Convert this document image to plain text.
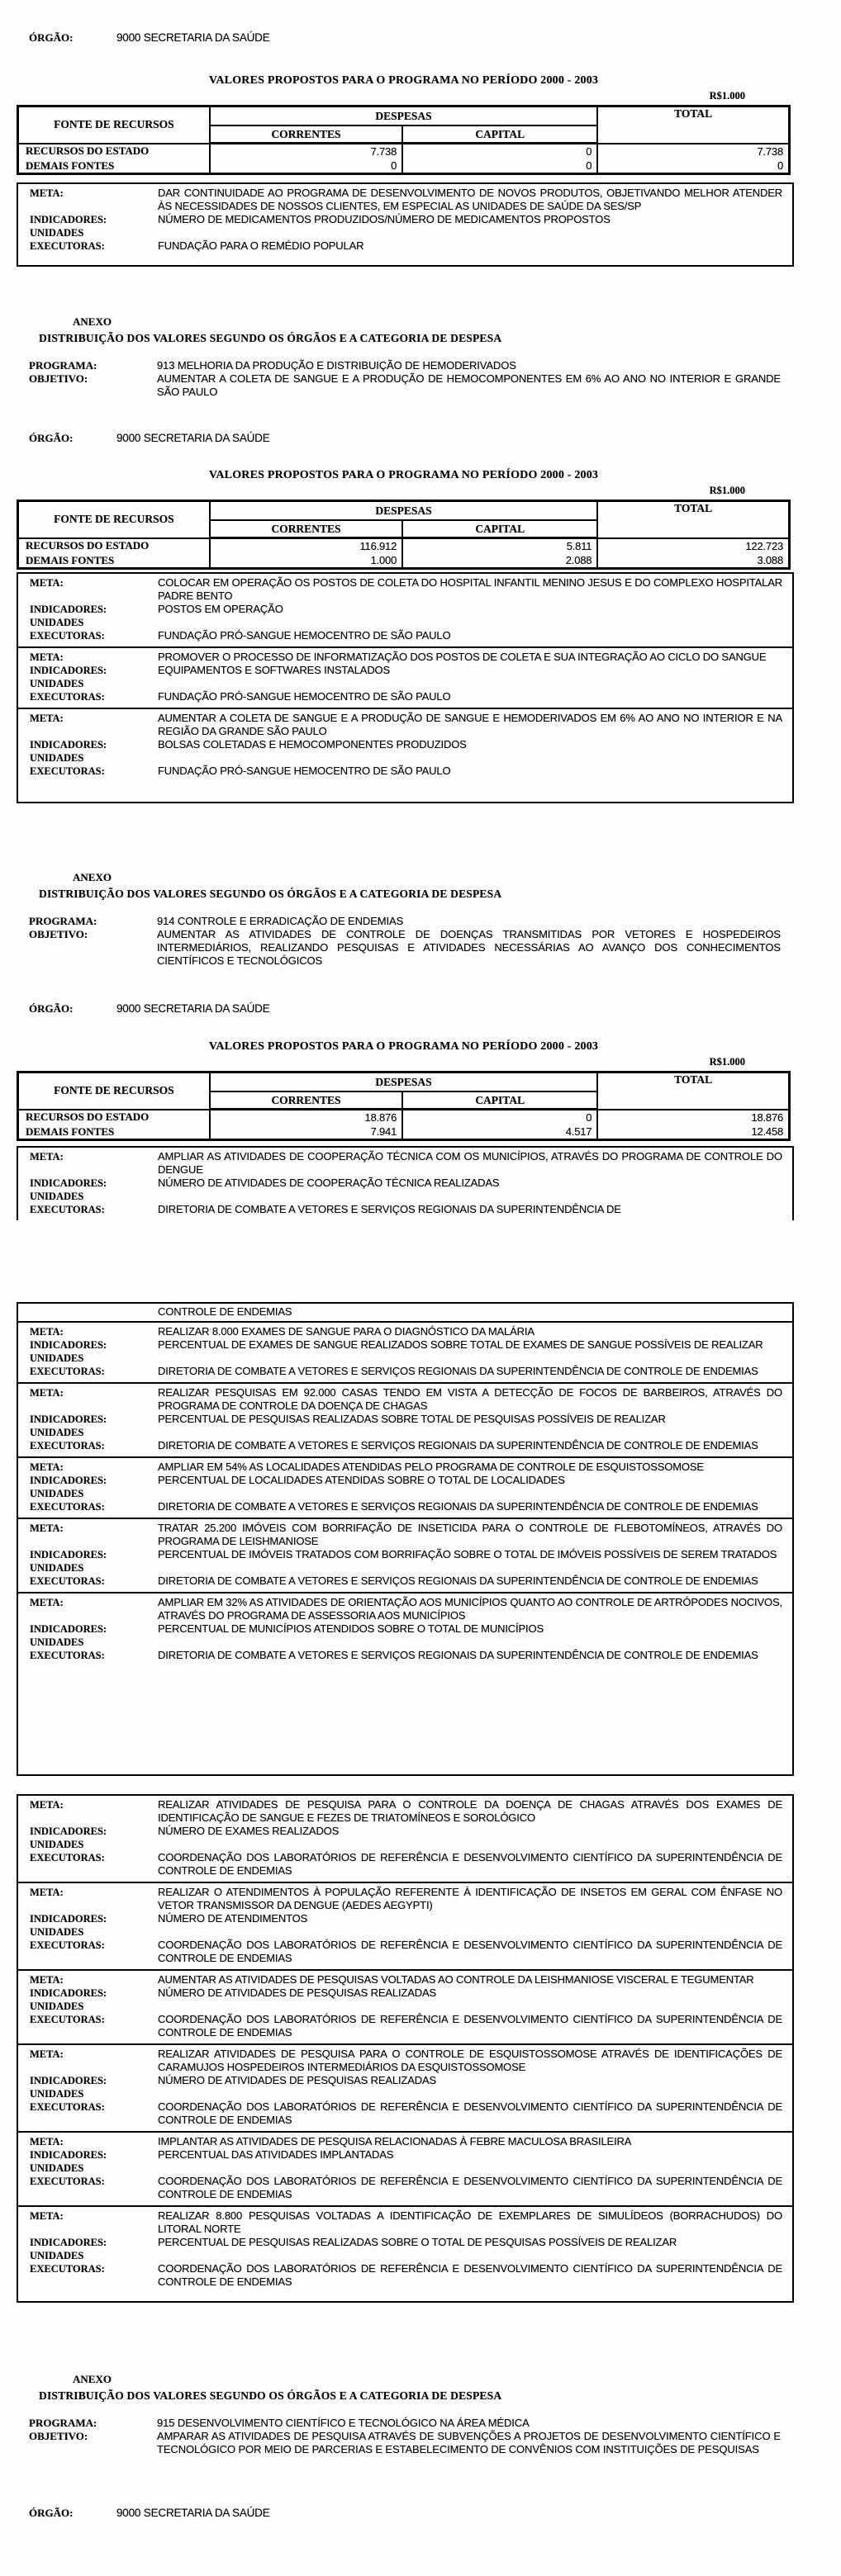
ÓRGÃO:	9000 SECRETARIA DA SAÚDE
VALORES PROPOSTOS PARA O PROGRAMA NO PERÍODO 2000 - 2003
R$1.000
FONTE DE RECURSOS	DESPESAS		TOTAL
	CORRENTES	CAPITAL	
RECURSOS DO ESTADO	7.738	0	7.738
DEMAIS FONTES	0	0	0
META:	DAR CONTINUIDADE AO PROGRAMA DE DESENVOLVIMENTO DE NOVOS PRODUTOS, OBJETIVANDO MELHOR ATENDER ÀS NECESSIDADES DE NOSSOS CLIENTES, EM ESPECIAL AS UNIDADES DE SAÚDE DA SES/SP
INDICADORES:	NÚMERO DE MEDICAMENTOS PRODUZIDOS/NÚMERO DE MEDICAMENTOS PROPOSTOS
UNIDADES
EXECUTORAS:	FUNDAÇÃO PARA O REMÉDIO POPULAR
ANEXO
DISTRIBUIÇÃO DOS VALORES SEGUNDO OS ÓRGÃOS E A CATEGORIA DE DESPESA
PROGRAMA:	913 MELHORIA DA PRODUÇÃO E DISTRIBUIÇÃO DE HEMODERIVADOS
OBJETIVO:	AUMENTAR A COLETA DE SANGUE E A PRODUÇÃO DE HEMOCOMPONENTES EM 6% AO ANO NO INTERIOR E GRANDE SÃO PAULO
ÓRGÃO:	9000 SECRETARIA DA SAÚDE
VALORES PROPOSTOS PARA O PROGRAMA NO PERÍODO 2000 - 2003
R$1.000
FONTE DE RECURSOS	DESPESAS		TOTAL
	CORRENTES	CAPITAL	
RECURSOS DO ESTADO	116.912	5.811	122.723
DEMAIS FONTES	1.000	2.088	3.088
META:	COLOCAR EM OPERAÇÃO OS POSTOS DE COLETA DO HOSPITAL INFANTIL MENINO JESUS E DO COMPLEXO HOSPITALAR PADRE BENTO
INDICADORES:	POSTOS EM OPERAÇÃO
UNIDADES
EXECUTORAS:	FUNDAÇÃO PRÓ-SANGUE HEMOCENTRO DE SÃO PAULO
META:	PROMOVER O PROCESSO DE INFORMATIZAÇÃO DOS POSTOS DE COLETA E SUA INTEGRAÇÃO AO CICLO DO SANGUE
INDICADORES:	EQUIPAMENTOS E SOFTWARES INSTALADOS
UNIDADES
EXECUTORAS:	FUNDAÇÃO PRÓ-SANGUE HEMOCENTRO DE SÃO PAULO
META:	AUMENTAR A COLETA DE SANGUE E A PRODUÇÃO DE SANGUE E HEMODERIVADOS EM 6% AO ANO NO INTERIOR E NA REGIÃO DA GRANDE SÃO PAULO
INDICADORES:	BOLSAS COLETADAS E HEMOCOMPONENTES PRODUZIDOS
UNIDADES
EXECUTORAS:	FUNDAÇÃO PRÓ-SANGUE HEMOCENTRO DE SÃO PAULO
ANEXO
DISTRIBUIÇÃO DOS VALORES SEGUNDO OS ÓRGÃOS E A CATEGORIA DE DESPESA
PROGRAMA:	914 CONTROLE E ERRADICAÇÃO DE ENDEMIAS
OBJETIVO:	AUMENTAR AS ATIVIDADES DE CONTROLE DE DOENÇAS TRANSMITIDAS POR VETORES E HOSPEDEIROS INTERMEDIÁRIOS, REALIZANDO PESQUISAS E ATIVIDADES NECESSÁRIAS AO AVANÇO DOS CONHECIMENTOS CIENTÍFICOS E TECNOLÓGICOS
ÓRGÃO:	9000 SECRETARIA DA SAÚDE
VALORES PROPOSTOS PARA O PROGRAMA NO PERÍODO 2000 - 2003
R$1.000
FONTE DE RECURSOS	DESPESAS		TOTAL
	CORRENTES	CAPITAL	
RECURSOS DO ESTADO	18.876	0	18.876
DEMAIS FONTES	7.941	4.517	12.458
META:	AMPLIAR AS ATIVIDADES DE COOPERAÇÃO TÉCNICA COM OS MUNICÍPIOS, ATRAVÉS DO PROGRAMA DE CONTROLE DO DENGUE
INDICADORES:	NÚMERO DE ATIVIDADES DE COOPERAÇÃO TÉCNICA REALIZADAS
UNIDADES
EXECUTORAS:	DIRETORIA DE COMBATE A VETORES E SERVIÇOS REGIONAIS DA SUPERINTENDÊNCIA DE
CONTROLE DE ENDEMIAS
META:	REALIZAR 8.000 EXAMES DE SANGUE PARA O DIAGNÓSTICO DA MALÁRIA
INDICADORES:	PERCENTUAL DE EXAMES DE SANGUE REALIZADOS SOBRE TOTAL DE EXAMES DE SANGUE POSSÍVEIS DE REALIZAR
UNIDADES
EXECUTORAS:	DIRETORIA DE COMBATE A VETORES E SERVIÇOS REGIONAIS DA SUPERINTENDÊNCIA DE CONTROLE DE ENDEMIAS
META:	REALIZAR PESQUISAS EM 92.000 CASAS TENDO EM VISTA A DETECÇÃO DE FOCOS DE BARBEIROS, ATRAVÉS DO PROGRAMA DE CONTROLE DA DOENÇA DE CHAGAS
INDICADORES:	PERCENTUAL DE PESQUISAS REALIZADAS SOBRE TOTAL DE PESQUISAS POSSÍVEIS DE REALIZAR
UNIDADES
EXECUTORAS:	DIRETORIA DE COMBATE A VETORES E SERVIÇOS REGIONAIS DA SUPERINTENDÊNCIA DE CONTROLE DE ENDEMIAS
META:	AMPLIAR EM 54% AS LOCALIDADES ATENDIDAS PELO PROGRAMA DE CONTROLE DE ESQUISTOSSOMOSE
INDICADORES:	PERCENTUAL DE LOCALIDADES ATENDIDAS SOBRE O TOTAL DE LOCALIDADES
UNIDADES
EXECUTORAS:	DIRETORIA DE COMBATE A VETORES E SERVIÇOS REGIONAIS DA SUPERINTENDÊNCIA DE CONTROLE DE ENDEMIAS
META:	TRATAR 25.200 IMÓVEIS COM BORRIFAÇÃO DE INSETICIDA PARA O CONTROLE DE FLEBOTOMÍNEOS, ATRAVÉS DO PROGRAMA DE LEISHMANIOSE
INDICADORES:	PERCENTUAL DE IMÓVEIS TRATADOS COM BORRIFAÇÃO SOBRE O TOTAL DE IMÓVEIS POSSÍVEIS DE SEREM TRATADOS
UNIDADES
EXECUTORAS:	DIRETORIA DE COMBATE A VETORES E SERVIÇOS REGIONAIS DA SUPERINTENDÊNCIA DE CONTROLE DE ENDEMIAS
META:	AMPLIAR EM 32% AS ATIVIDADES DE ORIENTAÇÃO AOS MUNICÍPIOS QUANTO AO CONTROLE DE ARTRÓPODES NOCIVOS, ATRAVÉS DO PROGRAMA DE ASSESSORIA AOS MUNICÍPIOS
INDICADORES:	PERCENTUAL DE MUNICÍPIOS ATENDIDOS SOBRE O TOTAL DE MUNICÍPIOS
UNIDADES
EXECUTORAS:	DIRETORIA DE COMBATE A VETORES E SERVIÇOS REGIONAIS DA SUPERINTENDÊNCIA DE CONTROLE DE ENDEMIAS
META:	REALIZAR ATIVIDADES DE PESQUISA PARA O CONTROLE DA DOENÇA DE CHAGAS ATRAVÉS DOS EXAMES DE IDENTIFICAÇÃO DE SANGUE E FEZES DE TRIATOMÍNEOS E SOROLÓGICO
INDICADORES:	NÚMERO DE EXAMES REALIZADOS
UNIDADES
EXECUTORAS:	COORDENAÇÃO DOS LABORATÓRIOS DE REFERÊNCIA E DESENVOLVIMENTO CIENTÍFICO DA SUPERINTENDÊNCIA DE CONTROLE DE ENDEMIAS
META:	REALIZAR O ATENDIMENTOS À POPULAÇÃO REFERENTE À IDENTIFICAÇÃO DE INSETOS EM GERAL COM ÊNFASE NO VETOR TRANSMISSOR DA DENGUE (AEDES AEGYPTI)
INDICADORES:	NÚMERO DE ATENDIMENTOS
UNIDADES
EXECUTORAS:	COORDENAÇÃO DOS LABORATÓRIOS DE REFERÊNCIA E DESENVOLVIMENTO CIENTÍFICO DA SUPERINTENDÊNCIA DE CONTROLE DE ENDEMIAS
META:	AUMENTAR AS ATIVIDADES DE PESQUISAS VOLTADAS AO CONTROLE DA LEISHMANIOSE VISCERAL E TEGUMENTAR
INDICADORES:	NÚMERO DE ATIVIDADES DE PESQUISAS REALIZADAS
UNIDADES
EXECUTORAS:	COORDENAÇÃO DOS LABORATÓRIOS DE REFERÊNCIA E DESENVOLVIMENTO CIENTÍFICO DA SUPERINTENDÊNCIA DE CONTROLE DE ENDEMIAS
META:	REALIZAR ATIVIDADES DE PESQUISA PARA O CONTROLE DE ESQUISTOSSOMOSE ATRAVÉS DE IDENTIFICAÇÕES DE CARAMUJOS HOSPEDEIROS INTERMEDIÁRIOS DA ESQUISTOSSOMOSE
INDICADORES:	NÚMERO DE ATIVIDADES DE PESQUISAS REALIZADAS
UNIDADES
EXECUTORAS:	COORDENAÇÃO DOS LABORATÓRIOS DE REFERÊNCIA E DESENVOLVIMENTO CIENTÍFICO DA SUPERINTENDÊNCIA DE CONTROLE DE ENDEMIAS
META:	IMPLANTAR AS ATIVIDADES DE PESQUISA RELACIONADAS À FEBRE MACULOSA BRASILEIRA
INDICADORES:	PERCENTUAL DAS ATIVIDADES IMPLANTADAS
UNIDADES
EXECUTORAS:	COORDENAÇÃO DOS LABORATÓRIOS DE REFERÊNCIA E DESENVOLVIMENTO CIENTÍFICO DA SUPERINTENDÊNCIA DE CONTROLE DE ENDEMIAS
META:	REALIZAR 8.800 PESQUISAS VOLTADAS A IDENTIFICAÇÃO DE EXEMPLARES DE SIMULÍDEOS (BORRACHUDOS) DO LITORAL NORTE
INDICADORES:	PERCENTUAL DE PESQUISAS REALIZADAS SOBRE O TOTAL DE PESQUISAS POSSÍVEIS DE REALIZAR
UNIDADES
EXECUTORAS:	COORDENAÇÃO DOS LABORATÓRIOS DE REFERÊNCIA E DESENVOLVIMENTO CIENTÍFICO DA SUPERINTENDÊNCIA DE CONTROLE DE ENDEMIAS
ANEXO
DISTRIBUIÇÃO DOS VALORES SEGUNDO OS ÓRGÃOS E A CATEGORIA DE DESPESA
PROGRAMA:	915 DESENVOLVIMENTO CIENTÍFICO E TECNOLÓGICO NA ÁREA MÉDICA
OBJETIVO:	AMPARAR AS ATIVIDADES DE PESQUISA ATRAVÉS DE SUBVENÇÕES A PROJETOS DE DESENVOLVIMENTO CIENTÍFICO E TECNOLÓGICO POR MEIO DE PARCERIAS E ESTABELECIMENTO DE CONVÊNIOS COM INSTITUIÇÕES DE PESQUISAS
ÓRGÃO:	9000 SECRETARIA DA SAÚDE
